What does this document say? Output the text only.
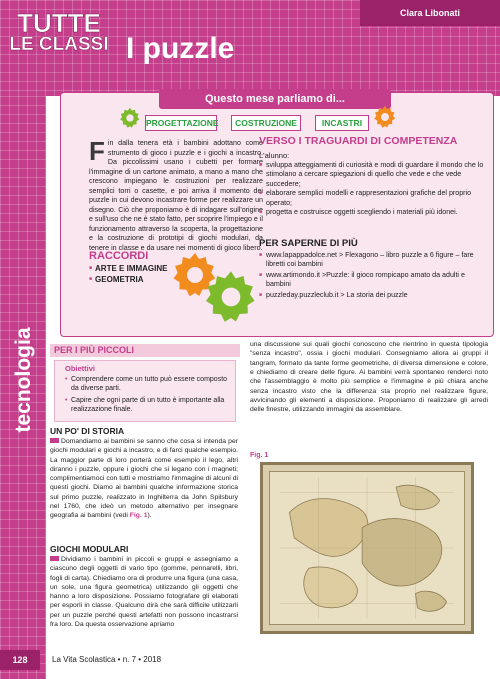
Clara Libonati
TUTTE
LE CLASSI I puzzle
tecnologia
Questo mese parliamo di...
PROGETTAZIONE	COSTRUZIONE	INCASTRI

Fin dalla tenera età i bambini adottano come strumento di gioco i puzzle e i giochi a incastro. Da piccolissimi usano i cubetti per formare l'immagine di un cartone animato, a mano a mano che crescono impiegano le costruzioni per realizzare semplici torri o casette, e poi arriva il momento dei puzzle in cui devono incastrare forme per realizzare un disegno. Ciò che proponiamo è di indagare sull'origine e sull'uso che ne è stato fatto, per scoprire l'impiego e il funzionamento attraverso la scoperta, la progettazione e la costruzione di prototipi di giochi modulari, da tenere in classe e da usare nei momenti di gioco libero.

RACCORDI
■ ARTE E IMMAGINE
■ GEOMETRIA
VERSO I TRAGUARDI DI COMPETENZA
L'alunno:
■ sviluppa atteggiamenti di curiosità e modi di guardare il mondo che lo stimolano a cercare spiegazioni di quello che vede e che vede succedere;
■ elaborare semplici modelli e rappresentazioni grafiche del proprio operato;
■ progetta e costruisce oggetti scegliendo i materiali più idonei.
PER SAPERNE DI PIÙ
■ www.lapappadolce.net > Flexagono – libro puzzle a 6 figure – fare libretti coi bambini
■ www.artimondo.it >Puzzle: il gioco rompicapo amato da adulti e bambini
■ puzzleday.puzzleclub.it > La storia dei puzzle
PER I PIÙ PICCOLI
Obiettivi
• Comprendere come un tutto può essere composto da diverse parti.
• Capire che ogni parte di un tutto è importante alla realizzazione finale.
UN PO' DI STORIA

Domandiamo ai bambini se sanno che cosa si intenda per giochi modulari e giochi a incastro, e di farci qualche esempio. La maggior parte di loro porterà come esempio il lego, altri diranno i puzzle, oppure i giochi che si legano con i magneti; complimentiamoci con tutti e mostriamo l'immagine di alcuni di questi giochi. Diamo ai bambini qualche informazione storica sul primo puzzle, realizzato in Inghilterra da John Spilsbury nel 1760, che ideò un metodo alternativo per insegnare geografia ai bambini (vedi Fig. 1).

GIOCHI MODULARI

Dividiamo i bambini in piccoli e gruppi e assegniamo a ciascuno degli oggetti di vario tipo (gomme, pennarelli, libri, fogli di carta). Chiediamo ora di produrre una figura (una casa, un sole, una figura geometrica) utilizzando gli oggetti che hanno a loro disposizione. Possiamo fotografare gli elaborati per esporli in classe. Qualcuno dirà che sarà difficile utilizzarli per un puzzle perché questi artefatti non possono incastrarsi fra loro. Da questa osservazione apriamo

una discussione sui quali giochi conoscono che rientrino in questa tipologia "senza incastro", ossia i giochi modulari. Consegniamo allora ai gruppi il tangram, formato da tante forme geometriche, di diversa dimensione e colore, e chiediamo di creare delle figure. Ai bambini verrà spontaneo renderci noto che l'assemblaggio è molto più semplice e l'immagine è più chiara anche senza incastro visto che la differenza sta proprio nel realizzare figure, avvicinando gli elementi a disposizione. Proponiamo di realizzare gli arredi delle finestre, utilizzando immagini da assemblare.

Fig. 1
128	La Vita Scolastica • n. 7 • 2018
